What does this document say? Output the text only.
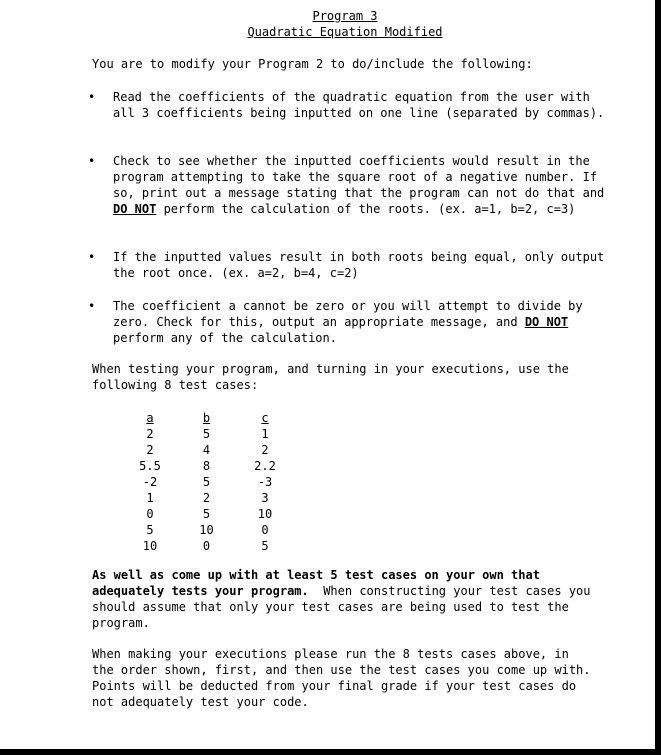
Program 3
Quadratic Equation Modified
You are to modify your Program 2 to do/include the following:
• Read the coefficients of the quadratic equation from the user with all 3 coefficients being inputted on one line (separated by commas).
• Check to see whether the inputted coefficients would result in the program attempting to take the square root of a negative number. If so, print out a message stating that the program can not do that and DO NOT perform the calculation of the roots. (ex. a=1, b=2, c=3)
• If the inputted values result in both roots being equal, only output the root once. (ex. a=2, b=4, c=2)
• The coefficient a cannot be zero or you will attempt to divide by zero. Check for this, output an appropriate message, and DO NOT perform any of the calculation.
When testing your program, and turning in your executions, use the following 8 test cases:
a	b	c
2	5	1
2	4	2
5.5	8	2.2
-2	5	-3
1	2	3
0	5	10
5	10	0
10	0	5
As well as come up with at least 5 test cases on your own that adequately tests your program.  When constructing your test cases you should assume that only your test cases are being used to test the program.
When making your executions please run the 8 tests cases above, in the order shown, first, and then use the test cases you come up with.  Points will be deducted from your final grade if your test cases do not adequately test your code.
